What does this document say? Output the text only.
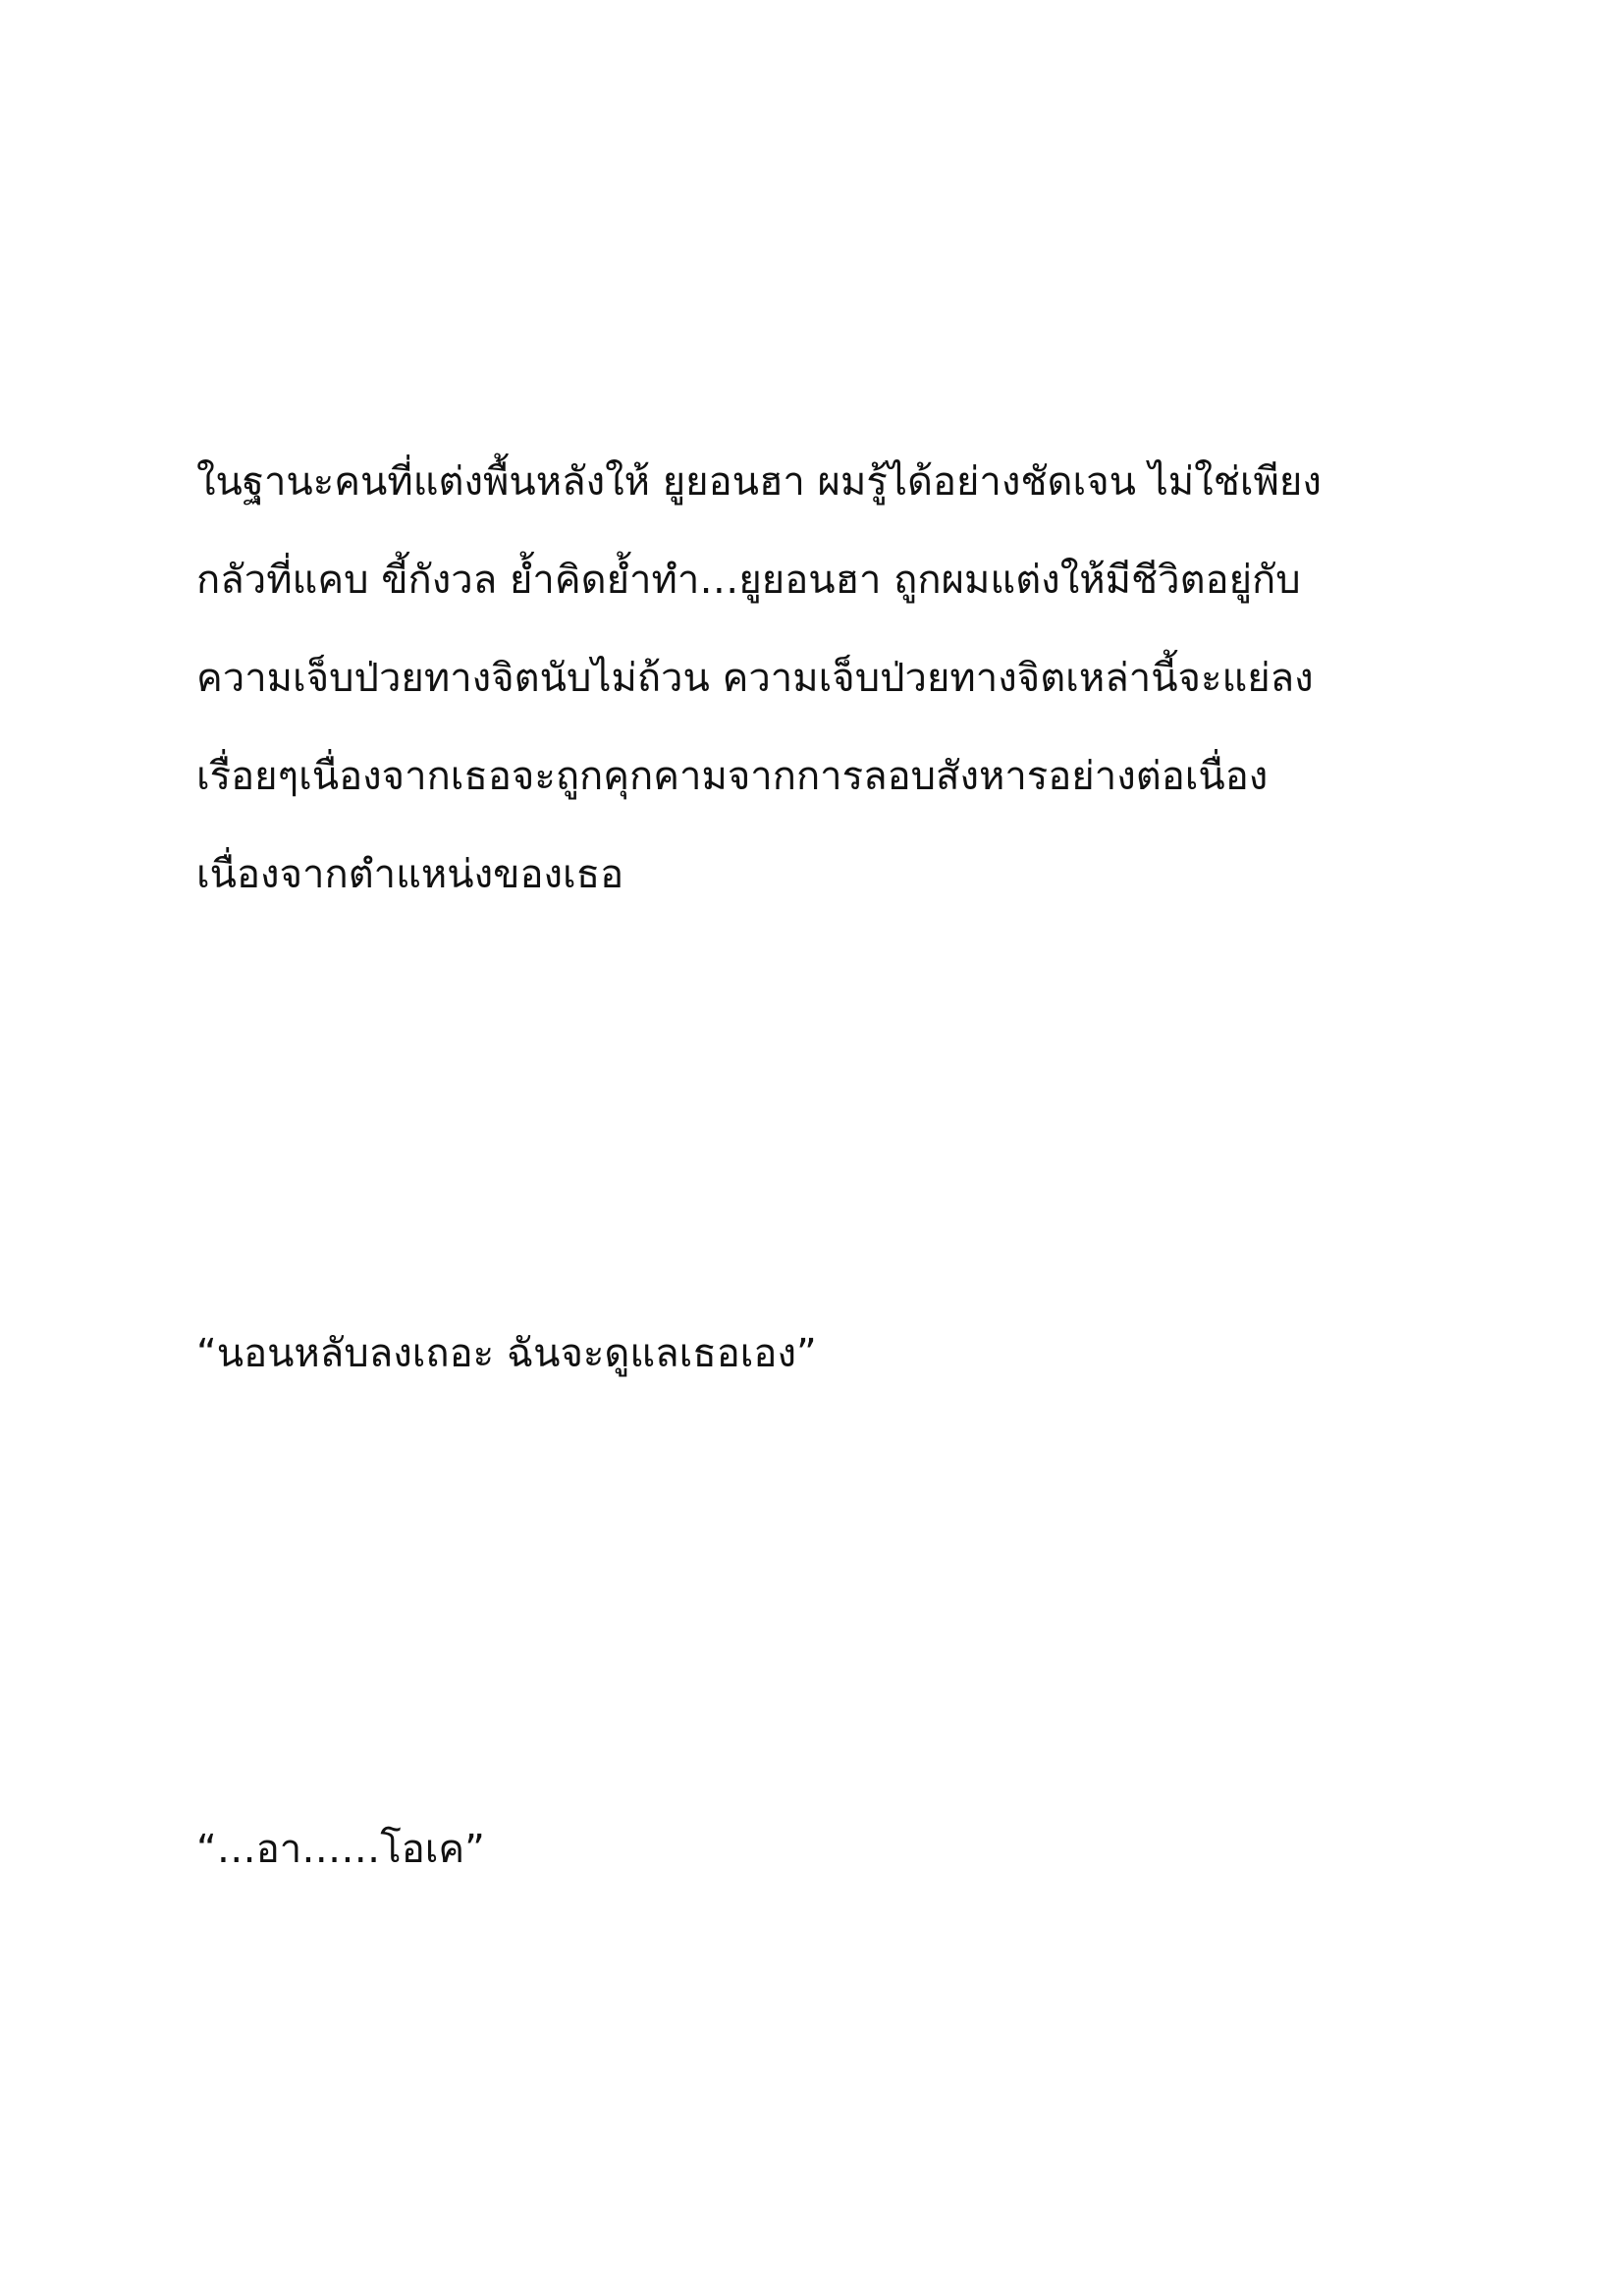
ในฐานะคนที่แต่งพื้นหลังให้ ยูยอนฮา ผมรู้ได้อย่างชัดเจน ไม่ใช่เพียง
กลัวที่แคบ ขี้กังวล ย้ำคิดย้ำทำ…ยูยอนฮา ถูกผมแต่งให้มีชีวิตอยู่กับ
ความเจ็บป่วยทางจิตนับไม่ถ้วน ความเจ็บป่วยทางจิตเหล่านี้จะแย่ลง
เรื่อยๆเนื่องจากเธอจะถูกคุกคามจากการลอบสังหารอย่างต่อเนื่อง
เนื่องจากตำแหน่งของเธอ
“นอนหลับลงเถอะ ฉันจะดูแลเธอเอง”
“…อา……โอเค”
